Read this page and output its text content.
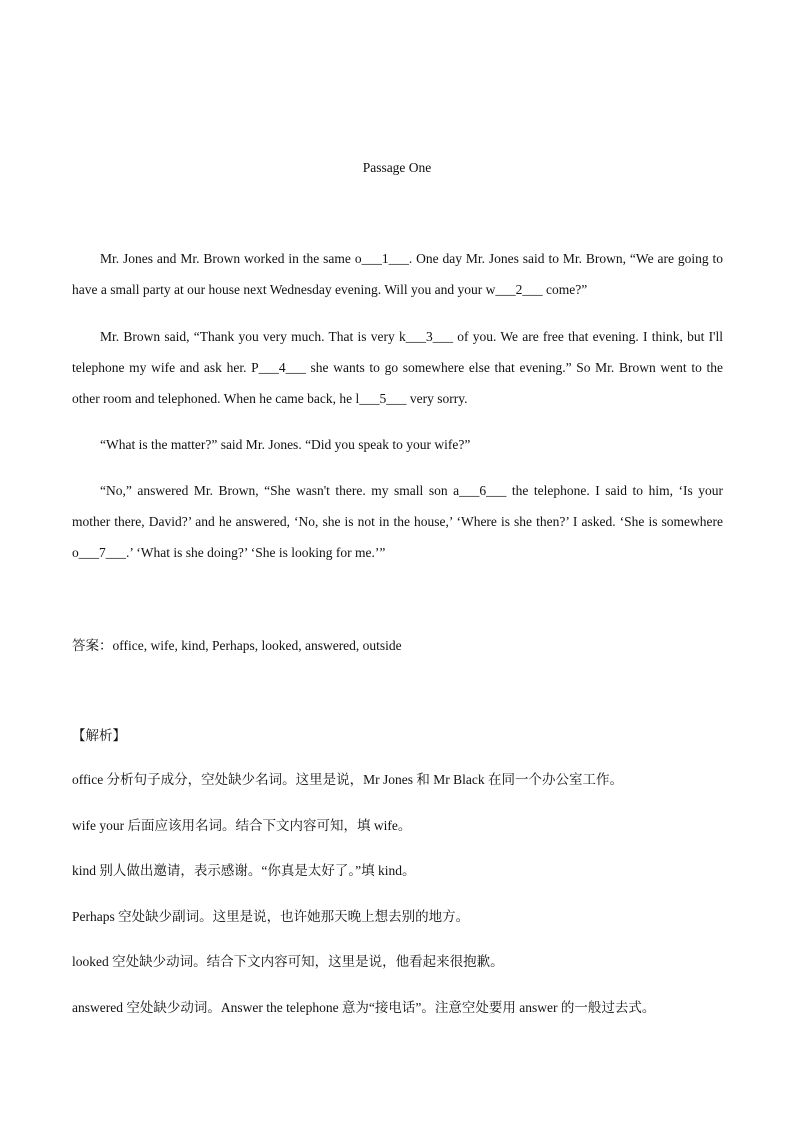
Passage One

Mr. Jones and Mr. Brown worked in the same o___1___. One day Mr. Jones said to Mr. Brown, “We are going to have a small party at our house next Wednesday evening. Will you and your w___2___ come?”

Mr. Brown said, “Thank you very much. That is very k___3___ of you. We are free that evening. I think, but I'll telephone my wife and ask her. P___4___ she wants to go somewhere else that evening.” So Mr. Brown went to the other room and telephoned. When he came back, he l___5___ very sorry.

“What is the matter?” said Mr. Jones. “Did you speak to your wife?”

“No,” answered Mr. Brown, “She wasn't there. my small son a___6___ the telephone. I said to him, ‘Is your mother there, David?’ and he answered, ‘No, she is not in the house,’ ‘Where is she then?’ I asked. ‘She is somewhere o___7___.’ ‘What is she doing?’ ‘She is looking for me.’”

答案：office, wife, kind, Perhaps, looked, answered, outside
【解析】
office 分析句子成分，空处缺少名词。这里是说，Mr Jones 和 Mr Black 在同一个办公室工作。
wife your 后面应该用名词。结合下文内容可知，填 wife。
kind 别人做出邀请，表示感谢。“你真是太好了。”填 kind。
Perhaps 空处缺少副词。这里是说，也许她那天晚上想去别的地方。
looked 空处缺少动词。结合下文内容可知，这里是说，他看起来很抱歉。
answered 空处缺少动词。Answer the telephone 意为“接电话”。注意空处要用 answer 的一般过去式。
